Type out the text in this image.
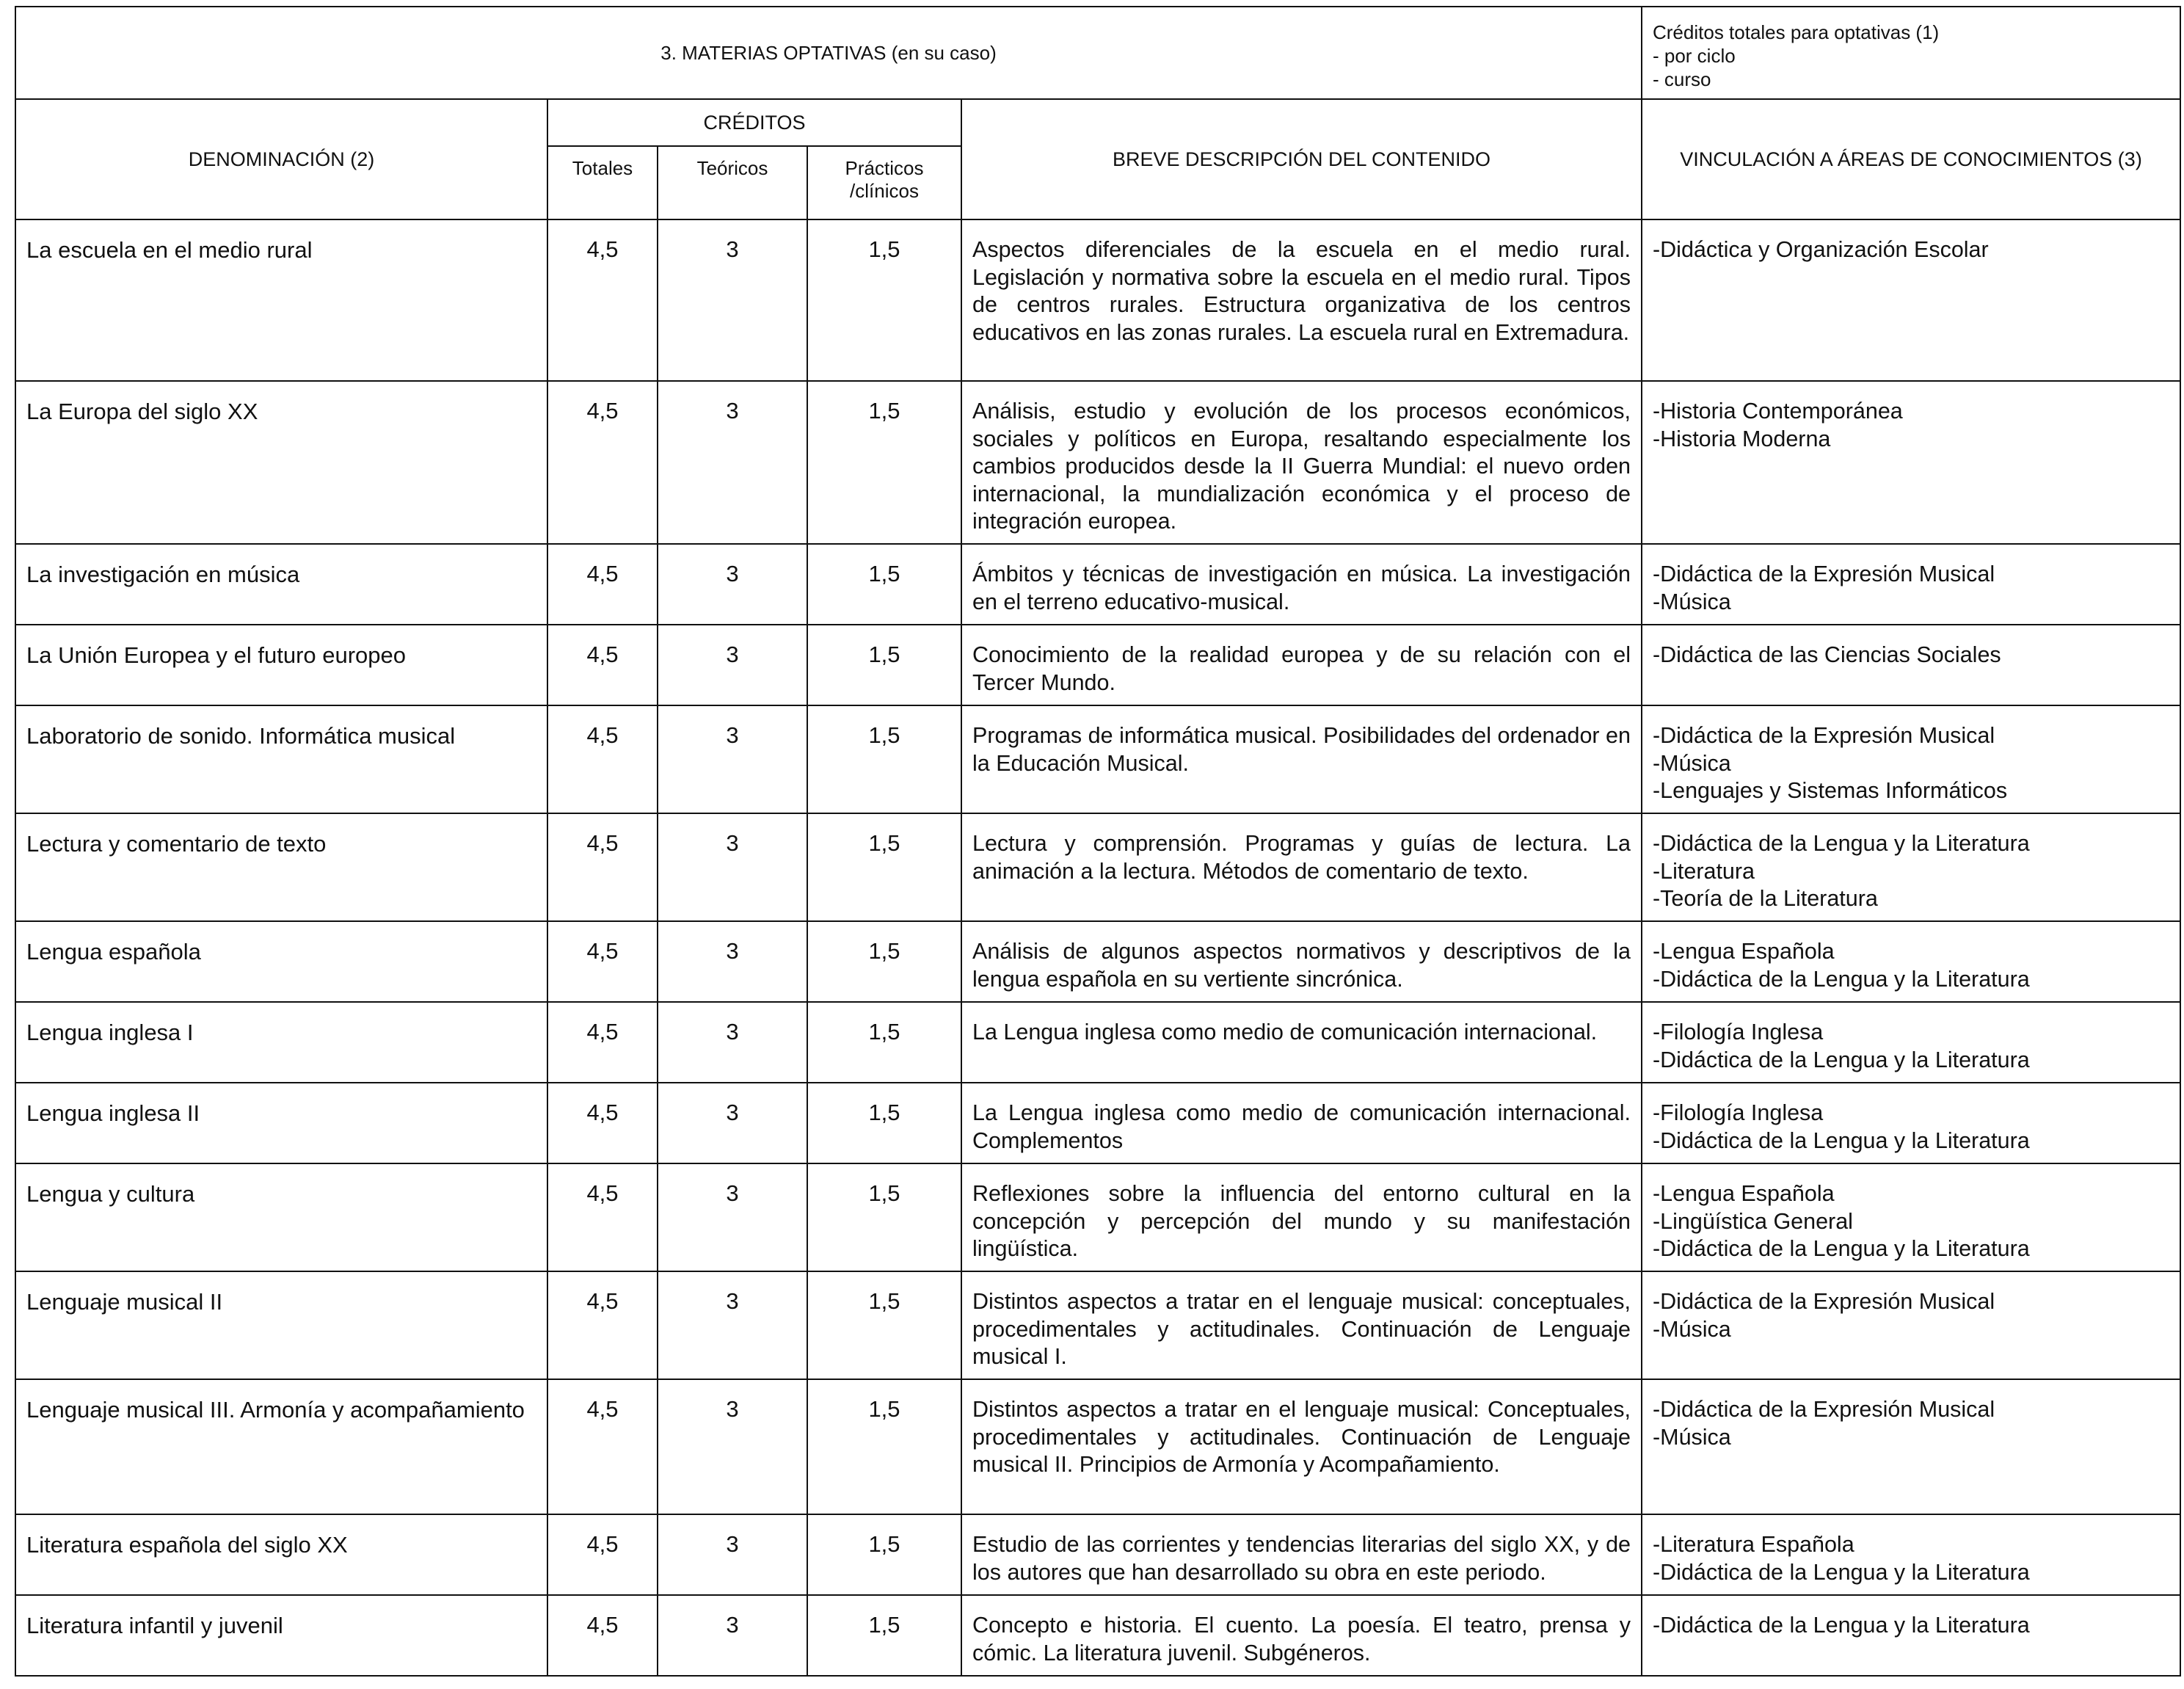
3. MATERIAS OPTATIVAS (en su caso)					Créditos totales para optativas (1)
- por ciclo
- curso

DENOMINACIÓN (2)	CRÉDITOS			BREVE DESCRIPCIÓN DEL CONTENIDO	VINCULACIÓN A ÁREAS DE CONOCIMIENTOS (3)
	Totales	Teóricos	Prácticos /clínicos		
La escuela en el medio rural	4,5	3	1,5	Aspectos diferenciales de la escuela en el medio rural. Legislación y normativa sobre la escuela en el medio rural. Tipos de centros rurales. Estructura organizativa de los centros educativos en las zonas rurales. La escuela rural en Extremadura.	-Didáctica y Organización Escolar

La Europa del siglo XX	4,5	3	1,5	Análisis, estudio y evolución de los procesos económicos, sociales y políticos en Europa, resaltando especialmente los cambios producidos desde la II Guerra Mundial: el nuevo orden internacional, la mundialización económica y el proceso de integración europea.	-Historia Contemporánea
-Historia Moderna

La investigación en música	4,5	3	1,5	Ámbitos y técnicas de investigación en música. La investigación en el terreno educativo-musical.	-Didáctica de la Expresión Musical
-Música

La Unión Europea y el futuro europeo	4,5	3	1,5	Conocimiento de la realidad europea y de su relación con el Tercer Mundo.	-Didáctica de las Ciencias Sociales

Laboratorio de sonido. Informática musical	4,5	3	1,5	Programas de informática musical. Posibilidades del ordenador en la Educación Musical.	-Didáctica de la Expresión Musical
-Música
-Lenguajes y Sistemas Informáticos

Lectura y comentario de texto	4,5	3	1,5	Lectura y comprensión. Programas y guías de lectura. La animación a la lectura. Métodos de comentario de texto.	-Didáctica de la Lengua y la Literatura
-Literatura
-Teoría de la Literatura

Lengua española	4,5	3	1,5	Análisis de algunos aspectos normativos y descriptivos de la lengua española en su vertiente sincrónica.	-Lengua Española
-Didáctica de la Lengua y la Literatura

Lengua inglesa I	4,5	3	1,5	La Lengua inglesa como medio de comunicación internacional.	-Filología Inglesa
-Didáctica de la Lengua y la Literatura

Lengua inglesa II	4,5	3	1,5	La Lengua inglesa como medio de comunicación internacional. Complementos	-Filología Inglesa
-Didáctica de la Lengua y la Literatura

Lengua y cultura	4,5	3	1,5	Reflexiones sobre la influencia del entorno cultural en la concepción y percepción del mundo y su manifestación lingüística.	-Lengua Española
-Lingüística General
-Didáctica de la Lengua y la Literatura

Lenguaje musical II	4,5	3	1,5	Distintos aspectos a tratar en el lenguaje musical: conceptuales, procedimentales y actitudinales. Continuación de Lenguaje musical I.	-Didáctica de la Expresión Musical
-Música

Lenguaje musical III. Armonía y acompañamiento	4,5	3	1,5	Distintos aspectos a tratar en el lenguaje musical: Conceptuales, procedimentales y actitudinales. Continuación de Lenguaje musical II. Principios de Armonía y Acompañamiento.	-Didáctica de la Expresión Musical
-Música

Literatura española del siglo XX	4,5	3	1,5	Estudio de las corrientes y tendencias literarias del siglo XX, y de los autores que han desarrollado su obra en este periodo.	-Literatura Española
-Didáctica de la Lengua y la Literatura

Literatura infantil y juvenil	4,5	3	1,5	Concepto e historia. El cuento. La poesía. El teatro, prensa y cómic. La literatura juvenil. Subgéneros.	-Didáctica de la Lengua y la Literatura
